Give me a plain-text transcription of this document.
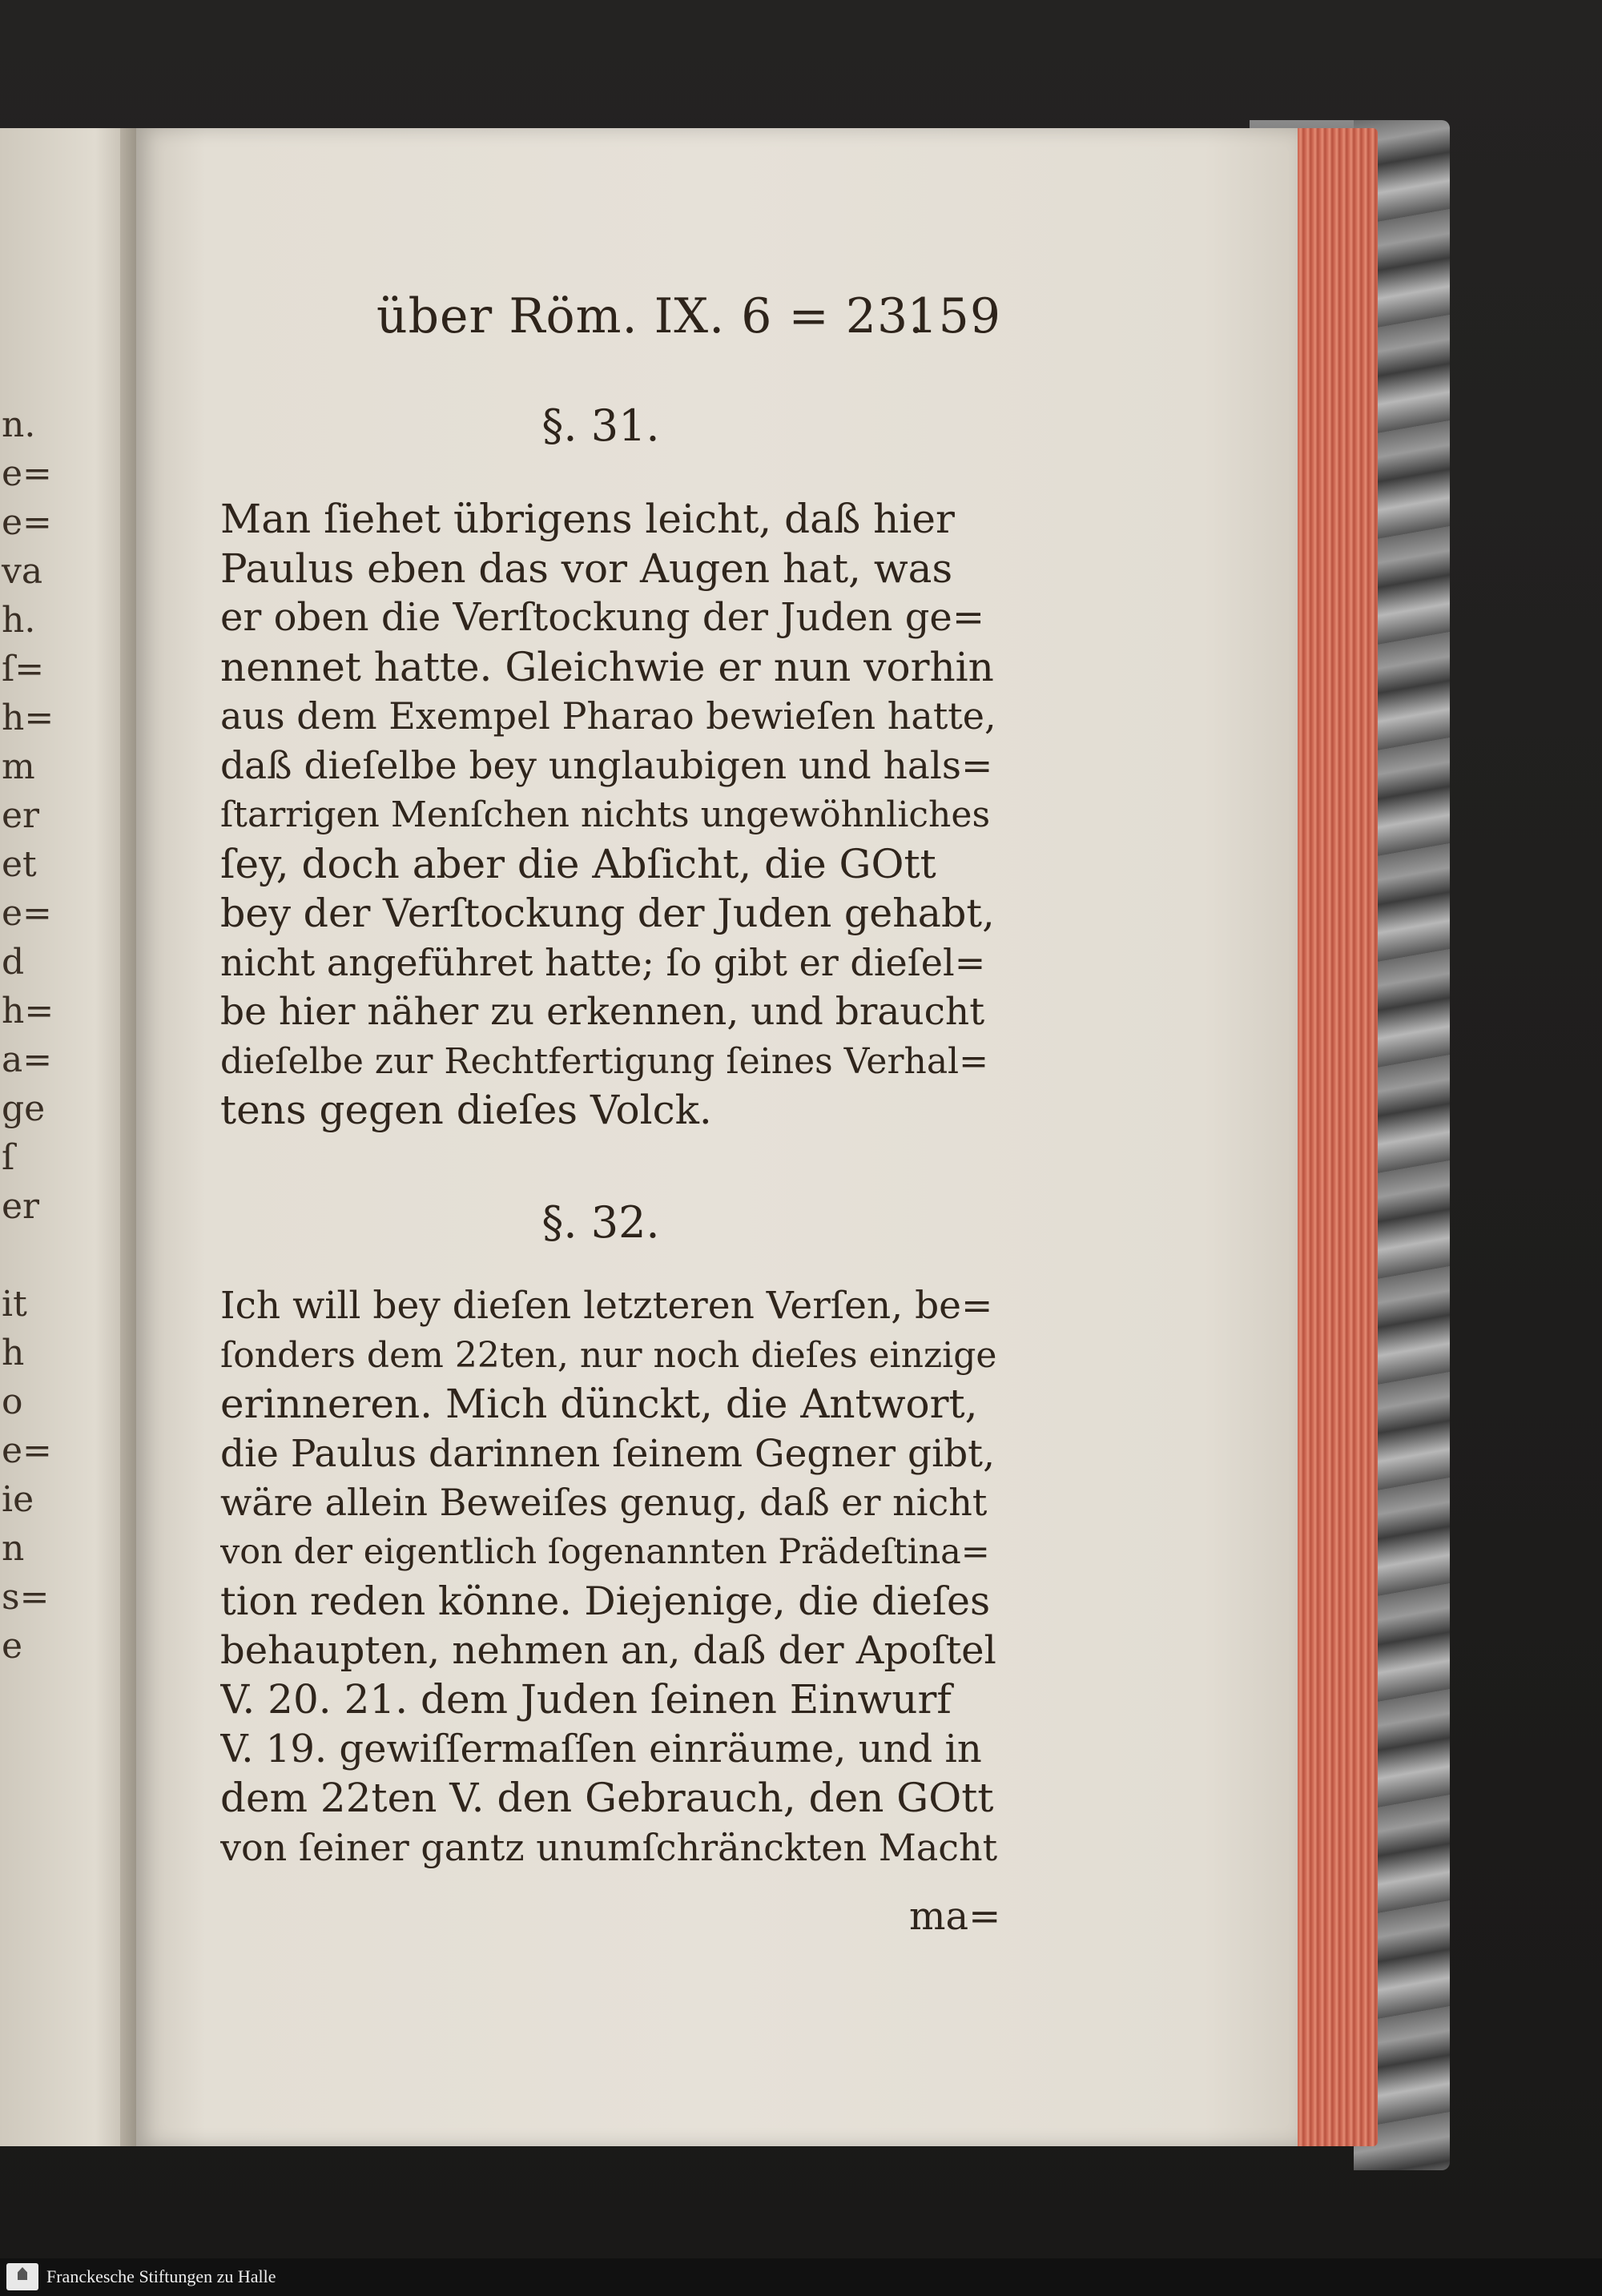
n.
e=
e=
va
h.
ſ=
h=
m
er
et
e=
d
h=
a=
ge
ſ
er
it
h
o
e=
ie
n
s=
e
über Röm. IX. 6 = 23.
159
§. 31.
Man ſiehet übrigens leicht, daß hier
Paulus eben das vor Augen hat, was
er oben die Verſtockung der Juden ge=
nennet hatte. Gleichwie er nun vorhin
aus dem Exempel Pharao bewieſen hatte,
daß dieſelbe bey unglaubigen und hals=
ſtarrigen Menſchen nichts ungewöhnliches
ſey, doch aber die Abſicht, die GOtt
bey der Verſtockung der Juden gehabt,
nicht angeführet hatte; ſo gibt er dieſel=
be hier näher zu erkennen, und braucht
dieſelbe zur Rechtfertigung ſeines Verhal=
tens gegen dieſes Volck.
§. 32.
Ich will bey dieſen letzteren Verſen, be=
ſonders dem 22ten, nur noch dieſes einzige
erinneren. Mich dünckt, die Antwort,
die Paulus darinnen ſeinem Gegner gibt,
wäre allein Beweiſes genug, daß er nicht
von der eigentlich ſogenannten Prädeſtina=
tion reden könne. Diejenige, die dieſes
behaupten, nehmen an, daß der Apoſtel
V. 20. 21. dem Juden ſeinen Einwurf
V. 19. gewiſſermaſſen einräume, und in
dem 22ten V. den Gebrauch, den GOtt
von ſeiner gantz unumſchränckten Macht
ma=
Franckesche Stiftungen zu Halle
